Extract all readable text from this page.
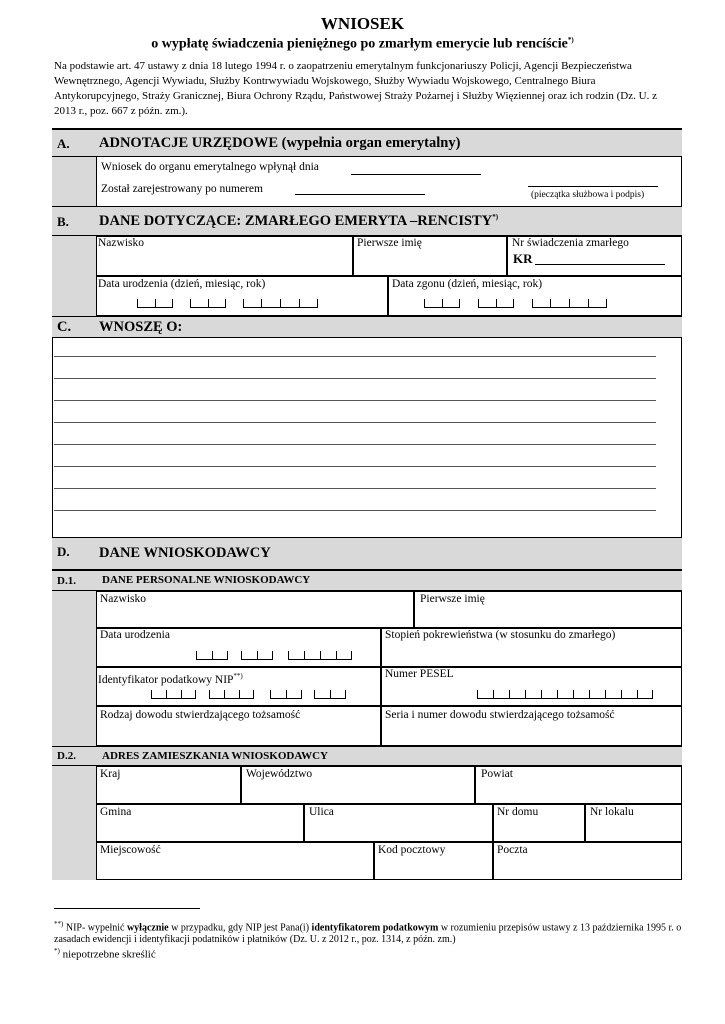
WNIOSEK
o wypłatę świadczenia pieniężnego po zmarłym emerycie lub rencíście*)
Na podstawie art. 47 ustawy z dnia 18 lutego 1994 r. o zaopatrzeniu emerytalnym funkcjonariuszy Policji, Agencji Bezpieczeństwa Wewnętrznego, Agencji Wywiadu, Służby Kontrwywiadu Wojskowego, Służby Wywiadu Wojskowego, Centralnego Biura Antykorupcyjnego, Straży Granicznej, Biura Ochrony Rządu, Państwowej Straży Pożarnej i Służby Więziennej oraz ich rodzin (Dz. U. z 2013 r., poz. 667 z późn. zm.).
A. ADNOTACJE URZĘDOWE (wypełnia organ emerytalny)
Wniosek do organu emerytalnego wpłynął dnia
Został zarejestrowany po numerem	(pieczątka służbowa i podpis)
B. DANE DOTYCZĄCE: ZMARŁEGO EMERYTA –RENCISTY*)
Nazwisko	Pierwsze imię	Nr świadczenia zmarłego
KR
Data urodzenia (dzień, miesiąc, rok)	Data zgonu (dzień, miesiąc, rok)
C. WNOSZĘ O:
D. DANE WNIOSKODAWCY
D.1. DANE PERSONALNE WNIOSKODAWCY
Nazwisko	Pierwsze imię
Data urodzenia	Stopień pokrewieństwa (w stosunku do zmarłego)
Identyfikator podatkowy NIP**)	Numer PESEL
Rodzaj dowodu stwierdzającego tożsamość	Seria i numer dowodu stwierdzającego tożsamość
D.2. ADRES ZAMIESZKANIA WNIOSKODAWCY
Kraj	Województwo	Powiat
Gmina	Ulica	Nr domu	Nr lokalu
Miejscowość	Kod pocztowy	Poczta
**) NIP- wypełnić wyłącznie w przypadku, gdy NIP jest Pana(i) identyfikatorem podatkowym w rozumieniu przepisów ustawy z 13 października 1995 r. o zasadach ewidencji i identyfikacji podatników i płatników (Dz. U. z 2012 r., poz. 1314, z późn. zm.)
*) niepotrzebne skreślić
